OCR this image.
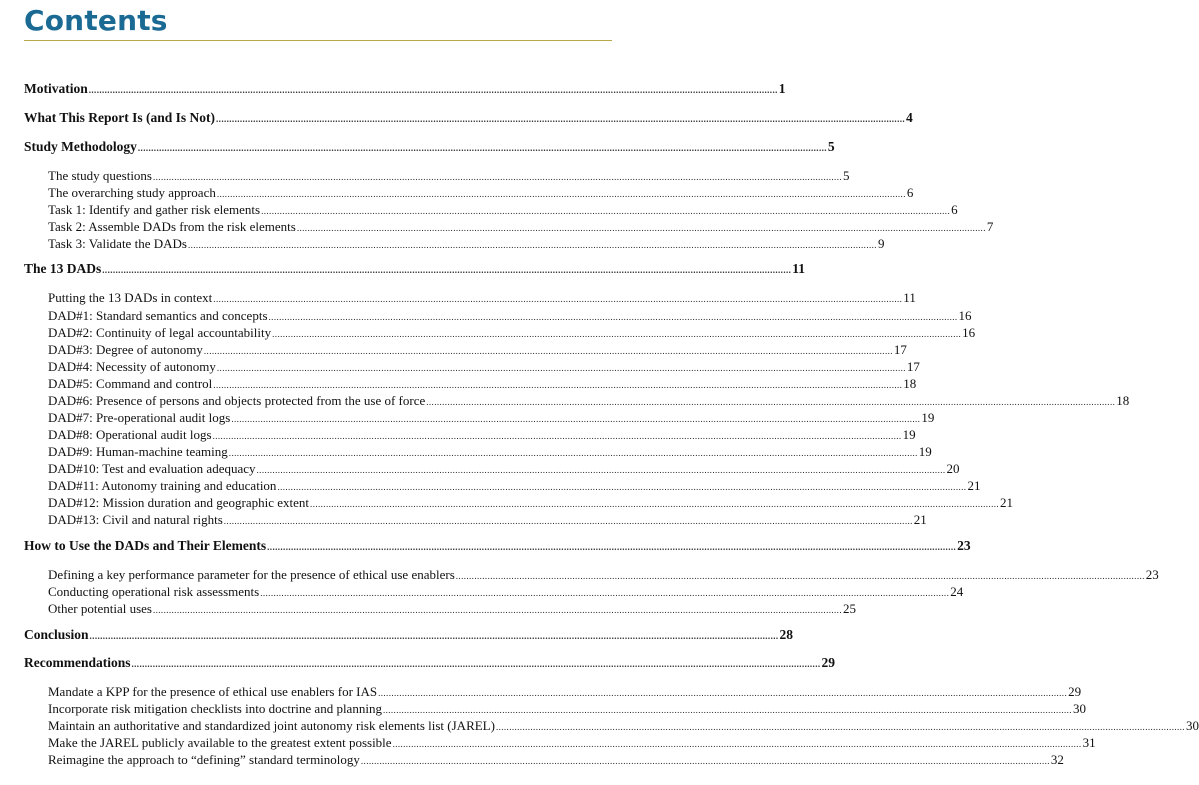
Contents
Motivation .................................................................................................................................................................................................................................................................... 1
What This Report Is (and Is Not) .................................................................................................................................................................................................................................................................... 4
Study Methodology .................................................................................................................................................................................................................................................................... 5
The study questions .................................................................................................................................................................................................................................................................... 5
The overarching study approach .................................................................................................................................................................................................................................................................... 6
Task 1: Identify and gather risk elements .................................................................................................................................................................................................................................................................... 6
Task 2: Assemble DADs from the risk elements .................................................................................................................................................................................................................................................................... 7
Task 3: Validate the DADs .................................................................................................................................................................................................................................................................... 9
The 13 DADs .................................................................................................................................................................................................................................................................... 11
Putting the 13 DADs in context .................................................................................................................................................................................................................................................................... 11
DAD#1: Standard semantics and concepts .................................................................................................................................................................................................................................................................... 16
DAD#2: Continuity of legal accountability .................................................................................................................................................................................................................................................................... 16
DAD#3: Degree of autonomy .................................................................................................................................................................................................................................................................... 17
DAD#4: Necessity of autonomy .................................................................................................................................................................................................................................................................... 17
DAD#5: Command and control .................................................................................................................................................................................................................................................................... 18
DAD#6: Presence of persons and objects protected from the use of force .................................................................................................................................................................................................................................................................... 18
DAD#7: Pre-operational audit logs .................................................................................................................................................................................................................................................................... 19
DAD#8: Operational audit logs .................................................................................................................................................................................................................................................................... 19
DAD#9: Human-machine teaming .................................................................................................................................................................................................................................................................... 19
DAD#10: Test and evaluation adequacy .................................................................................................................................................................................................................................................................... 20
DAD#11: Autonomy training and education .................................................................................................................................................................................................................................................................... 21
DAD#12: Mission duration and geographic extent .................................................................................................................................................................................................................................................................... 21
DAD#13: Civil and natural rights .................................................................................................................................................................................................................................................................... 21
How to Use the DADs and Their Elements .................................................................................................................................................................................................................................................................... 23
Defining a key performance parameter for the presence of ethical use enablers .................................................................................................................................................................................................................................................................... 23
Conducting operational risk assessments .................................................................................................................................................................................................................................................................... 24
Other potential uses .................................................................................................................................................................................................................................................................... 25
Conclusion .................................................................................................................................................................................................................................................................... 28
Recommendations .................................................................................................................................................................................................................................................................... 29
Mandate a KPP for the presence of ethical use enablers for IAS .................................................................................................................................................................................................................................................................... 29
Incorporate risk mitigation checklists into doctrine and planning .................................................................................................................................................................................................................................................................... 30
Maintain an authoritative and standardized joint autonomy risk elements list (JAREL) .................................................................................................................................................................................................................................................................... 30
Make the JAREL publicly available to the greatest extent possible .................................................................................................................................................................................................................................................................... 31
Reimagine the approach to “defining” standard terminology .................................................................................................................................................................................................................................................................... 32
